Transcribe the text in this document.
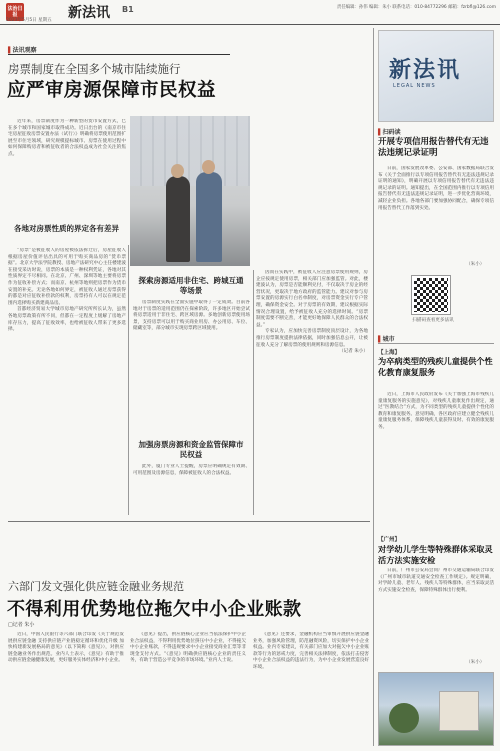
法治日报
2023年5月5日 星期五 新法讯 B1	责任编辑：孙伟 编辑：朱小 联系电话：010-84772296 邮箱：fzrbfl@126.com
▌法讯观察
房票制度在全国多个城市陆续施行
应严审房源保障市民权益

近年来，房票制度作为一种新型的货币安置方式，已在多个城市和国家城市取得成功。近日出台的《南京市住宅房屋征收房票安置办法（试行）》明确将房票使用范围扩展至市住宅领域，研究规模提标城市、房票在使用过程中如何保障购房者和被征收者的合法权益成为社会关注的焦点。

各地对房票性质的界定各有差异

“房票”是被征收人的房屋被依法拆迁后，房屋征收人根据房屋价值评估出具的可用于购买商品房的“货币票据”。北京大学法学院教授、房地产法研究中心主任楼建波在接受采访时说，房票的本质是一种权利凭证，各地对其性质界定不尽相同。在北京、广州、深圳等地主要将房票作为征收补偿方式；而南京、杭州等地则把房票作为货币安置的补充。无论各地如何界定，被征收人通过房票获得的都是对应征收补偿款的权利，房票持有人可以在规定范围内选择购买新建商品房。

首都经济贸易大学城市房地产研究所所长认为，虽然各地房票政策有所不同，但都在一定程度上缓解了房地产库存压力，提高了征收效率，也给被征收人带来了更多选择。

探索房源适用非住宅、跨城互通等场景

房票制度实践在全面实施中取得了一定成效。目前各地对于房票的适用范围仍在探索阶段，许多地区开始尝试将房票适用于非住宅、跨区域房源。多地创新房票使用场景，支持房票可以用于购买商业用房、办公用房、车位、储藏室等，部分城市实现房票跨区域使用。

加强房票房源和资金监管保障市民权益

此外，厦门专业人士提醒，房票应明确规定有效期、可用范围及房源信息，保障被征收人的合法权益。

因而在实践中，被征收人应注意房票使用规则，房企应按规定使用房票，相关部门应加强监管。对此，楼建波认为，房票是否能顺利兑付，不仅取决于房企的经营状况，更取决于地方政府的监管能力。建议对参与房票安置的房源实行白名单制度，对房票资金实行专户管理，确保资金安全。对于房票的有效期，建议根据实际情况合理设置，给予被征收人充分的选择时间。“房票制度需要不断完善，才能更好地保障人民群众的合法权益。”

专家认为，应加快完善房票制度顶层设计，为各地推行房票制度提供法律依据，同时加强信息公开，让被征收人充分了解房票的使用规则和房源信息。

（记者 朱小）

六部门发文强化供应链金融业务规范
不得利用优势地位拖欠中小企业账款
□记者 朱小

近日，中国人民银行等六部门联合印发《关于规范发展供应链金融 支持供应链产业链稳定循环和优化升级 加快构建新发展格局的意见》（以下简称《意见》），对供应链金融业务作出规范。业内人士表示，《意见》有助于推动供应链金融健康发展，更好服务实体经济和中小企业。

《意见》提出，供应链核心企业应当依法保护中小企业合法权益，不得利用优势地位挤压中小企业，不得拖欠中小企业账款，不得违规要求中小企业接受商业汇票等非现金支付方式。“《意见》明确供应链核心企业的责任义务，有助于营造公平竞争的市场环境。”业内人士说。

《意见》还要求，金融机构应当审慎开展供应链金融业务，加强风险管理，防范融资风险，切实保护中小企业权益。业内专家建议，有关部门应加大对拖欠中小企业账款等行为的惩戒力度，完善相关法律制度，依法打击侵害中小企业合法权益的违法行为，为中小企业发展营造良好环境。

新法讯
LEGAL NEWS
▌扫码读
开展专项信用报告替代有无违法违规记录证明

日前，国家发展改革委、公安部、国家数据局联合发布《关于全面推行以专项信用报告替代有无违法违规记录证明的通知》，明确开展以专项信用报告替代有无违法违规记录的证明。通知提出，在全国范围内推行以专项信用报告替代有无违法违规记录证明，进一步优化营商环境，减轻企业负担。各地各部门要加强协同配合，确保专项信用报告替代工作落到实处。

（朱小）
扫描码查看更多法讯
▌城市
【上海】
为卒病类型的残疾儿童提供个性化教育康复服务

近日，上海市人民政府发布《关于加强上海市残疾儿童康复服务的实施意见》，对残疾儿童康复作出规定，通过“医教结合”方式，为不同类型的残疾儿童提供个性化的教育和康复服务。意见明确，各区政府应建立健全残疾儿童康复服务体系，保障残疾儿童获得及时、有效的康复服务。

【广州】
对学幼儿学生等特殊群体采取灵活方法实施安检

日前，广州市公安局会同广州市交通运输局联合印发《广州市城市轨道交通安全检查工作规定》。规定明确，对学龄儿童、老年人、残疾人等特殊群体，应当采取灵活方式实施安全检查，保障特殊群体出行便利。

（朱小）
